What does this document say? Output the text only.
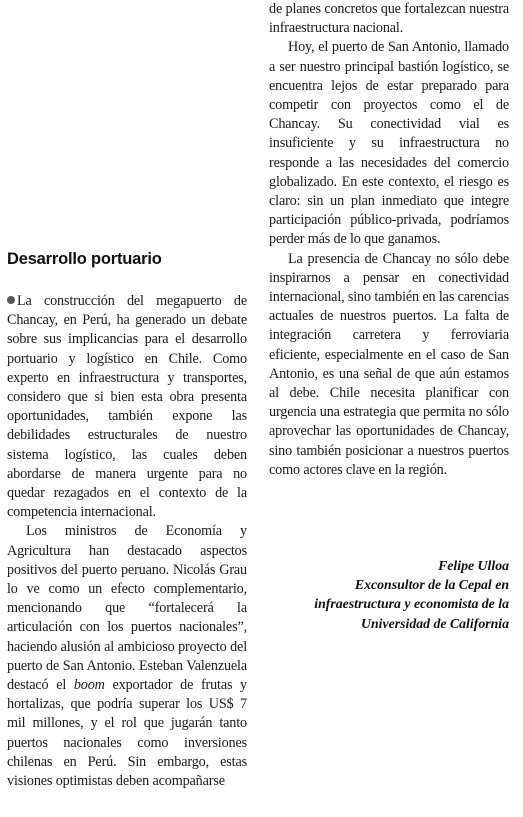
de planes concretos que fortalezcan nuestra infraestructura nacional.

Hoy, el puerto de San Antonio, llamado a ser nuestro principal bastión logístico, se encuentra lejos de estar preparado para competir con proyectos como el de Chancay. Su conectividad vial es insuficiente y su infraestructura no responde a las necesidades del comercio globalizado. En este contexto, el riesgo es claro: sin un plan inmediato que integre participación público-privada, podríamos perder más de lo que ganamos.

La presencia de Chancay no sólo debe inspirarnos a pensar en conectividad internacional, sino también en las carencias actuales de nuestros puertos. La falta de integración carretera y ferroviaria eficiente, especialmente en el caso de San Antonio, es una señal de que aún estamos al debe. Chile necesita planificar con urgencia una estrategia que permita no sólo aprovechar las oportunidades de Chancay, sino también posicionar a nuestros puertos como actores clave en la región.

Desarrollo portuario

La construcción del megapuerto de Chancay, en Perú, ha generado un debate sobre sus implicancias para el desarrollo portuario y logístico en Chile. Como experto en infraestructura y transportes, considero que si bien esta obra presenta oportunidades, también expone las debilidades estructurales de nuestro sistema logístico, las cuales deben abordarse de manera urgente para no quedar rezagados en el contexto de la competencia internacional.

Los ministros de Economía y Agricultura han destacado aspectos positivos del puerto peruano. Nicolás Grau lo ve como un efecto complementario, mencionando que “fortalecerá la articulación con los puertos nacionales”, haciendo alusión al ambicioso proyecto del puerto de San Antonio. Esteban Valenzuela destacó el boom exportador de frutas y hortalizas, que podría superar los US$ 7 mil millones, y el rol que jugarán tanto puertos nacionales como inversiones chilenas en Perú. Sin embargo, estas visiones optimistas deben acompañarse

Felipe Ulloa
Exconsultor de la Cepal en
infraestructura y economista de la
Universidad de California
